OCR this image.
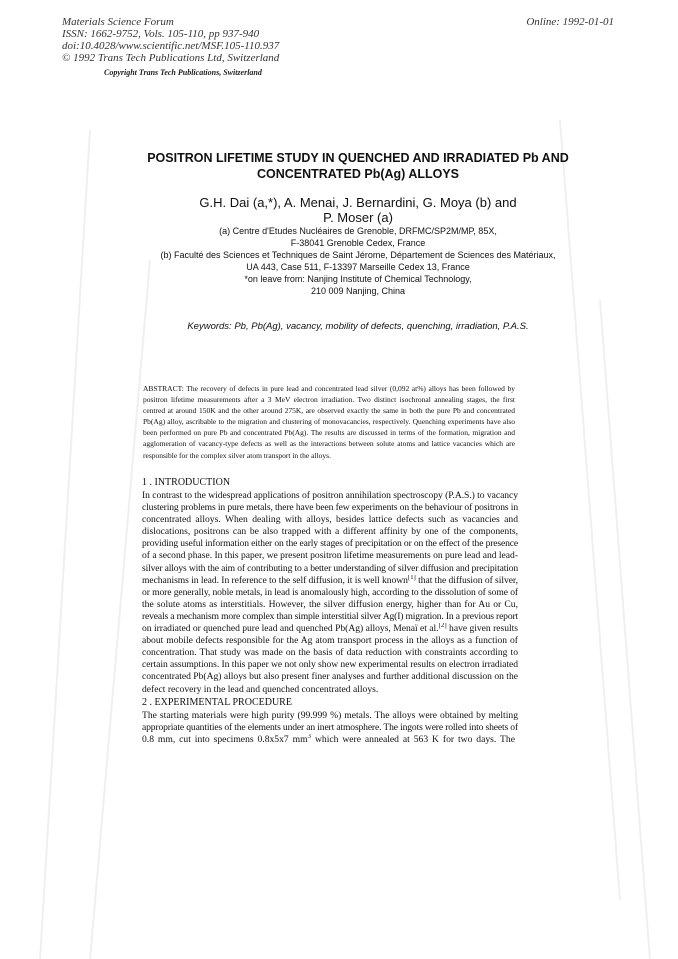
Materials Science Forum
ISSN: 1662-9752, Vols. 105-110, pp 937-940
doi:10.4028/www.scientific.net/MSF.105-110.937
© 1992 Trans Tech Publications Ltd, Switzerland
Online: 1992-01-01
Copyright Trans Tech Publications, Switzerland
POSITRON LIFETIME STUDY IN QUENCHED AND IRRADIATED Pb AND
CONCENTRATED Pb(Ag) ALLOYS
G.H. Dai (a,*), A. Menai, J. Bernardini, G. Moya (b) and
P. Moser (a)
(a) Centre d'Etudes Nucléaires de Grenoble, DRFMC/SP2M/MP, 85X,
F-38041 Grenoble Cedex, France
(b) Faculté des Sciences et Techniques de Saint Jérome, Département de Sciences des Matériaux,
UA 443, Case 511, F-13397 Marseille Cedex 13, France
*on leave from: Nanjing Institute of Chemical Technology,
210 009 Nanjing, China
Keywords: Pb, Pb(Ag), vacancy, mobility of defects, quenching, irradiation, P.A.S.
ABSTRACT: The recovery of defects in pure lead and concentrated lead silver (0,092 at%) alloys has been followed by positron lifetime measurements after a 3 MeV electron irradiation. Two distinct isochronal annealing stages, the first centred at around 150K and the other around 275K, are observed exactly the same in both the pure Pb and concentrated Pb(Ag) alloy, ascribable to the migration and clustering of monovacancies, respectively. Quenching experiments have also been performed on pure Pb and concentrated Pb(Ag). The results are discussed in terms of the formation, migration and agglomeration of vacancy-type defects as well as the interactions between solute atoms and lattice vacancies which are responsible for the complex silver atom transport in the alloys.
1 . INTRODUCTION
In contrast to the widespread applications of positron annihilation spectroscopy (P.A.S.) to vacancy
clustering problems in pure metals, there have been few experiments on the behaviour of positrons in
concentrated alloys. When dealing with alloys, besides lattice defects such as vacancies and
dislocations, positrons can be also trapped with a different affinity by one of the components,
providing useful information either on the early stages of precipitation or on the effect of the presence
of a second phase. In this paper, we present positron lifetime measurements on pure lead and lead-
silver alloys with the aim of contributing to a better understanding of silver diffusion and precipitation
mechanisms in lead. In reference to the self diffusion, it is well known[1] that the diffusion of silver,
or more generally, noble metals, in lead is anomalously high, according to the dissolution of some of
the solute atoms as interstitials. However, the silver diffusion energy, higher than for Au or Cu,
reveals a mechanism more complex than simple interstitial silver Ag(I) migration. In a previous report
on irradiated or quenched pure lead and quenched Pb(Ag) alloys, Menaï et al.[2] have given results
about mobile defects responsible for the Ag atom transport process in the alloys as a function of
concentration. That study was made on the basis of data reduction with constraints according to
certain assumptions. In this paper we not only show new experimental results on electron irradiated
concentrated Pb(Ag) alloys but also present finer analyses and further additional discussion on the
defect recovery in the lead and quenched concentrated alloys.
2 . EXPERIMENTAL PROCEDURE
The starting materials were high purity (99.999 %) metals. The alloys were obtained by melting
appropriate quantities of the elements under an inert atmosphere. The ingots were rolled into sheets of
0.8 mm, cut into specimens 0.8x5x7 $mm^3$ which were annealed at 563 K for two days. The
